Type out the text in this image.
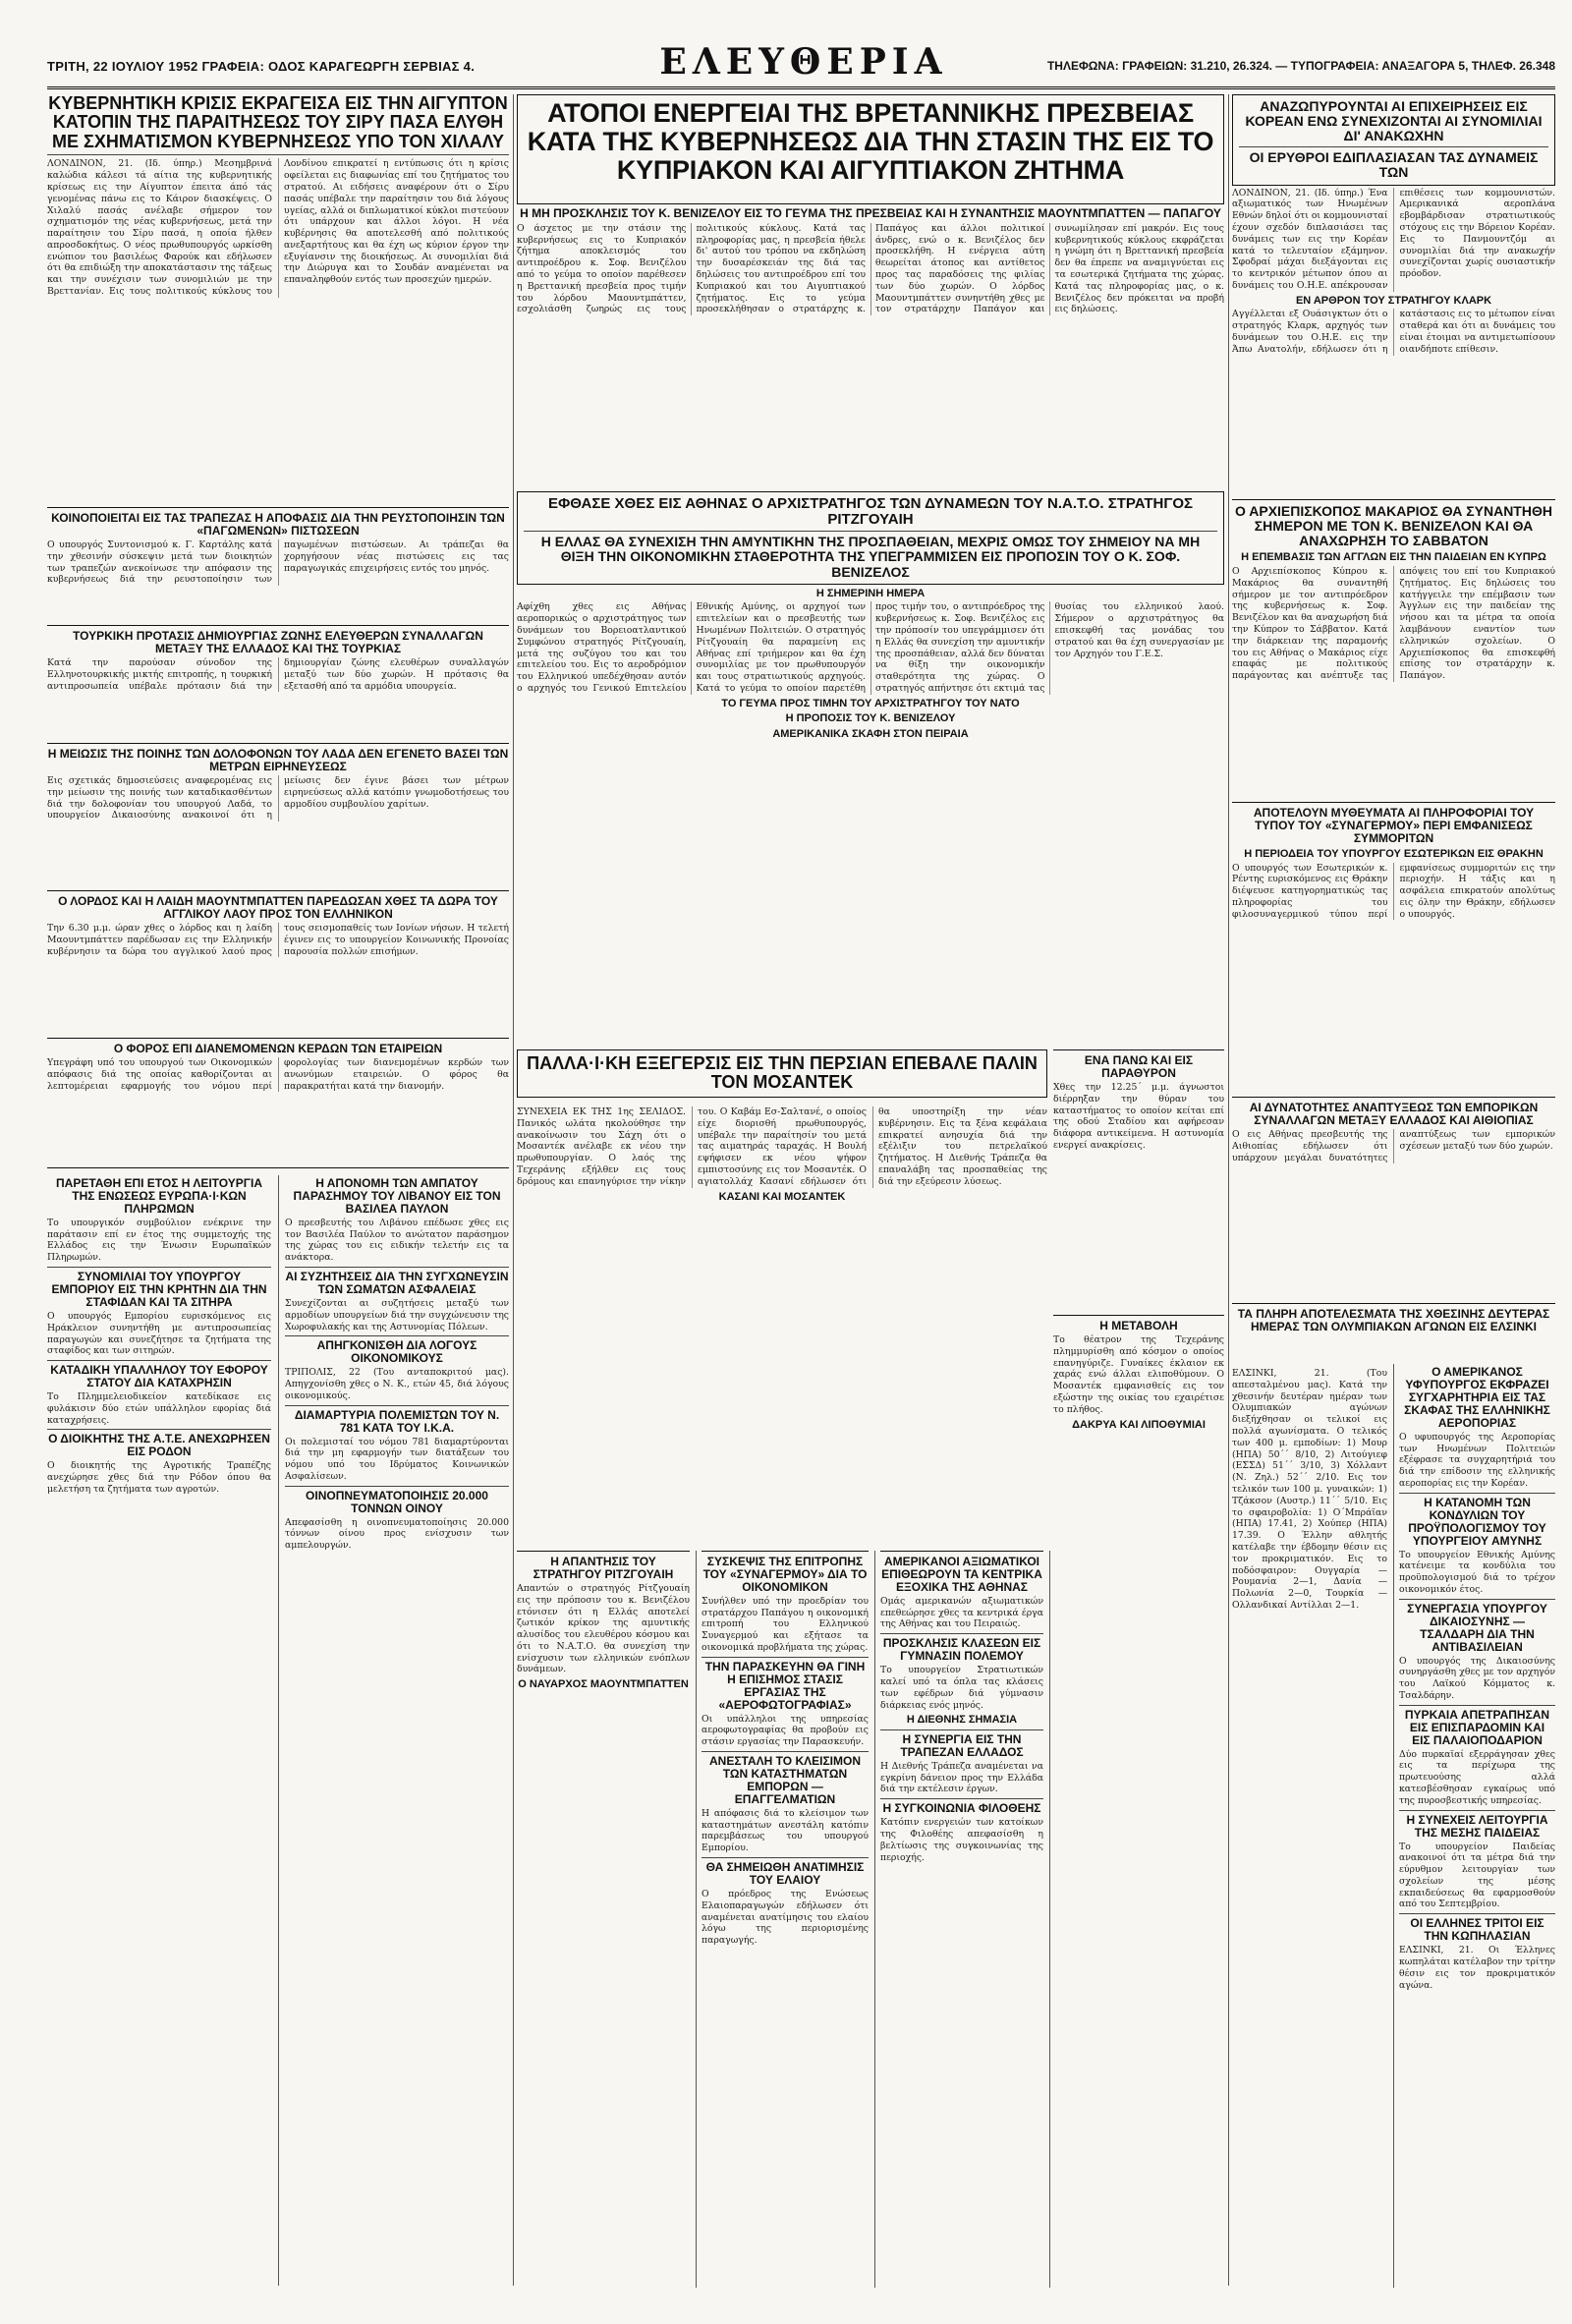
ΤΡΙΤΗ, 22 ΙΟΥΛΙΟΥ 1952 ΓΡΑΦΕΙΑ: ΟΔΟΣ ΚΑΡΑΓΕΩΡΓΗ ΣΕΡΒΙΑΣ 4.	ΕΛΕΥΘΕΡΙΑ	ΤΗΛΕΦΩΝΑ: ΓΡΑΦΕΙΩΝ: 31.210, 26.324. — ΤΥΠΟΓΡΑΦΕΙΑ: ΑΝΑΞΑΓΟΡΑ 5, ΤΗΛΕΦ. 26.348

ΚΥΒΕΡΝΗΤΙΚΗ ΚΡΙΣΙΣ ΕΚΡΑΓΕΙΣΑ ΕΙΣ ΤΗΝ ΑΙΓΥΠΤΟΝ ΚΑΤΟΠΙΝ ΤΗΣ ΠΑΡΑΙΤΗΣΕΩΣ ΤΟΥ ΣΙΡΥ ΠΑΣΑ ΕΛΥΘΗ ΜΕ ΣΧΗΜΑΤΙΣΜΟΝ ΚΥΒΕΡΝΗΣΕΩΣ ΥΠΟ ΤΟΝ ΧΙΛΑΛΥ

ΛΟΝΔΙΝΟΝ, 21. (Ιδ. ύπηρ.) Μεσημβρινά καλώδια κάλεσι τά αίτια της κυβερνητικής κρίσεως εις την Αίγυπτον έπειτα άπό τάς γενομένας πάνω εις το Κάιρον διασκέψεις. Ο Χιλαλύ πασάς ανέλαβε σήμερον τον σχηματισμόν της νέας κυβερνήσεως, μετά την παραίτησιν του Σίρυ πασά, η οποία ήλθεν απροσδοκήτως. Ο νέος πρωθυπουργός ωρκίσθη ενώπιον του βασιλέως Φαρούκ και εδήλωσεν ότι θα επιδιώξη την αποκατάστασιν της τάξεως και την συνέχισιν των συνομιλιών με την Βρεττανίαν. Εις τους πολιτικούς κύκλους του Λονδίνου επικρατεί η εντύπωσις ότι η κρίσις οφείλεται εις διαφωνίας επί του ζητήματος του στρατού. Αι ειδήσεις αναφέρουν ότι ο Σίρυ πασάς υπέβαλε την παραίτησιν του διά λόγους υγείας, αλλά οι διπλωματικοί κύκλοι πιστεύουν ότι υπάρχουν και άλλοι λόγοι. Η νέα κυβέρνησις θα αποτελεσθή από πολιτικούς ανεξαρτήτους και θα έχη ως κύριον έργον την εξυγίανσιν της διοικήσεως. Αι συνομιλίαι διά την Διώρυγα και το Σουδάν αναμένεται να επαναληφθούν εντός των προσεχών ημερών.

ΑΤΟΠΟΙ ΕΝΕΡΓΕΙΑΙ ΤΗΣ ΒΡΕΤΑΝΝΙΚΗΣ ΠΡΕΣΒΕΙΑΣ ΚΑΤΑ ΤΗΣ ΚΥΒΕΡΝΗΣΕΩΣ ΔΙΑ ΤΗΝ ΣΤΑΣΙΝ ΤΗΣ ΕΙΣ ΤΟ ΚΥΠΡΙΑΚΟΝ ΚΑΙ ΑΙΓΥΠΤΙΑΚΟΝ ΖΗΤΗΜΑ

Η ΜΗ ΠΡΟΣΚΛΗΣΙΣ ΤΟΥ Κ. ΒΕΝΙΖΕΛΟΥ ΕΙΣ ΤΟ ΓΕΥΜΑ ΤΗΣ ΠΡΕΣΒΕΙΑΣ ΚΑΙ Η ΣΥΝΑΝΤΗΣΙΣ ΜΑΟΥΝΤΜΠΑΤΤΕΝ — ΠΑΠΑΓΟΥ

Ο άσχετος με την στάσιν της κυβερνήσεως εις το Κυπριακόν ζήτημα αποκλεισμός του αντιπροέδρου κ. Σοφ. Βενιζέλου από το γεύμα το οποίον παρέθεσεν η Βρεττανική πρεσβεία προς τιμήν του λόρδου Μαουντμπάττεν, εσχολιάσθη ζωηρώς εις τους πολιτικούς κύκλους. Κατά τας πληροφορίας μας, η πρεσβεία ήθελε δι' αυτού του τρόπου να εκδηλώση την δυσαρέσκειάν της διά τας δηλώσεις του αντιπροέδρου επί του Κυπριακού και του Αιγυπτιακού ζητήματος. Εις το γεύμα προσεκλήθησαν ο στρατάρχης κ. Παπάγος και άλλοι πολιτικοί άνδρες, ενώ ο κ. Βενιζέλος δεν προσεκλήθη. Η ενέργεια αύτη θεωρείται άτοπος και αντίθετος προς τας παραδόσεις της φιλίας των δύο χωρών. Ο λόρδος Μαουντμπάττεν συνηντήθη χθες με τον στρατάρχην Παπάγον και συνωμίλησαν επί μακρόν. Εις τους κυβερνητικούς κύκλους εκφράζεται η γνώμη ότι η Βρεττανική πρεσβεία δεν θα έπρεπε να αναμιγνύεται εις τα εσωτερικά ζητήματα της χώρας. Κατά τας πληροφορίας μας, ο κ. Βενιζέλος δεν πρόκειται να προβή εις δηλώσεις.

ΑΝΑΖΩΠΥΡΟΥΝΤΑΙ ΑΙ ΕΠΙΧΕΙΡΗΣΕΙΣ ΕΙΣ ΚΟΡΕΑΝ ΕΝΩ ΣΥΝΕΧΙΖΟΝΤΑΙ ΑΙ ΣΥΝΟΜΙΛΙΑΙ ΔΙ' ΑΝΑΚΩΧΗΝ

ΟΙ ΕΡΥΘΡΟΙ ΕΔΙΠΛΑΣΙΑΣΑΝ ΤΑΣ ΔΥΝΑΜΕΙΣ ΤΩΝ

ΛΟΝΔΙΝΟΝ, 21. (Ιδ. ύπηρ.) Ένα αξιωματικός των Ηνωμένων Εθνών δηλοί ότι οι κομμουνισταί έχουν σχεδόν διπλασιάσει τας δυνάμεις των εις την Κορέαν κατά το τελευταίον εξάμηνον. Σφοδραί μάχαι διεξάγονται εις το κεντρικόν μέτωπον όπου αι δυνάμεις του Ο.Η.Ε. απέκρουσαν επιθέσεις των κομμουνιστών. Αμερικανικά αεροπλάνα εβομβάρδισαν στρατιωτικούς στόχους εις την Βόρειον Κορέαν. Εις το Πανμουντζόμ αι συνομιλίαι διά την ανακωχήν συνεχίζονται χωρίς ουσιαστικήν πρόοδον.

ΕΝ ΑΡΘΡΟΝ ΤΟΥ ΣΤΡΑΤΗΓΟΥ ΚΛΑΡΚ

Αγγέλλεται εξ Ουάσιγκτων ότι ο στρατηγός Κλαρκ, αρχηγός των δυνάμεων του Ο.Η.Ε. εις την Άπω Ανατολήν, εδήλωσεν ότι η κατάστασις εις το μέτωπον είναι σταθερά και ότι αι δυνάμεις του είναι έτοιμαι να αντιμετωπίσουν οιανδήποτε επίθεσιν.

Ο ΑΡΧΙΕΠΙΣΚΟΠΟΣ ΜΑΚΑΡΙΟΣ ΘΑ ΣΥΝΑΝΤΗΘΗ ΣΗΜΕΡΟΝ ΜΕ ΤΟΝ Κ. ΒΕΝΙΖΕΛΟΝ ΚΑΙ ΘΑ ΑΝΑΧΩΡΗΣΗ ΤΟ ΣΑΒΒΑΤΟΝ

Η ΕΠΕΜΒΑΣΙΣ ΤΩΝ ΑΓΓΛΩΝ ΕΙΣ ΤΗΝ ΠΑΙΔΕΙΑΝ ΕΝ ΚΥΠΡΩ

Ο Αρχιεπίσκοπος Κύπρου κ. Μακάριος θα συναντηθή σήμερον με τον αντιπρόεδρον της κυβερνήσεως κ. Σοφ. Βενιζέλον και θα αναχωρήση διά την Κύπρον το Σάββατον. Κατά την διάρκειαν της παραμονής του εις Αθήνας ο Μακάριος είχε επαφάς με πολιτικούς παράγοντας και ανέπτυξε τας απόψεις του επί του Κυπριακού ζητήματος. Εις δηλώσεις του κατήγγειλε την επέμβασιν των Άγγλων εις την παιδείαν της νήσου και τα μέτρα τα οποία λαμβάνουν εναντίον των ελληνικών σχολείων. Ο Αρχιεπίσκοπος θα επισκεφθή επίσης τον στρατάρχην κ. Παπάγον.

ΕΦΘΑΣΕ ΧΘΕΣ ΕΙΣ ΑΘΗΝΑΣ Ο ΑΡΧΙΣΤΡΑΤΗΓΟΣ ΤΩΝ ΔΥΝΑΜΕΩΝ ΤΟΥ Ν.Α.Τ.Ο. ΣΤΡΑΤΗΓΟΣ ΡΙΤΖΓΟΥΑΙΗ

Η ΕΛΛΑΣ ΘΑ ΣΥΝΕΧΙΣΗ ΤΗΝ ΑΜΥΝΤΙΚΗΝ ΤΗΣ ΠΡΟΣΠΑΘΕΙΑΝ, ΜΕΧΡΙΣ ΟΜΩΣ ΤΟΥ ΣΗΜΕΙΟΥ ΝΑ ΜΗ ΘΙΞΗ ΤΗΝ ΟΙΚΟΝΟΜΙΚΗΝ ΣΤΑΘΕΡΟΤΗΤΑ ΤΗΣ ΥΠΕΓΡΑΜΜΙΣΕΝ ΕΙΣ ΠΡΟΠΟΣΙΝ ΤΟΥ Ο Κ. ΣΟΦ. ΒΕΝΙΖΕΛΟΣ

Η ΣΗΜΕΡΙΝΗ ΗΜΕΡΑ

Αφίχθη χθες εις Αθήνας αεροπορικώς ο αρχιστράτηγος των δυνάμεων του Βορειοατλαντικού Συμφώνου στρατηγός Ρίτζγουαίη, μετά της συζύγου του και του επιτελείου του. Εις το αεροδρόμιον του Ελληνικού υπεδέχθησαν αυτόν ο αρχηγός του Γενικού Επιτελείου Εθνικής Αμύνης, οι αρχηγοί των επιτελείων και ο πρεσβευτής των Ηνωμένων Πολιτειών. Ο στρατηγός Ρίτζγουαίη θα παραμείνη εις Αθήνας επί τριήμερον και θα έχη συνομιλίας με τον πρωθυπουργόν και τους στρατιωτικούς αρχηγούς. Κατά το γεύμα το οποίον παρετέθη προς τιμήν του, ο αντιπρόεδρος της κυβερνήσεως κ. Σοφ. Βενιζέλος εις την πρόποσίν του υπεγράμμισεν ότι η Ελλάς θα συνεχίση την αμυντικήν της προσπάθειαν, αλλά δεν δύναται να θίξη την οικονομικήν σταθερότητα της χώρας. Ο στρατηγός απήντησε ότι εκτιμά τας θυσίας του ελληνικού λαού. Σήμερον ο αρχιστράτηγος θα επισκεφθή τας μονάδας του στρατού και θα έχη συνεργασίαν με τον Αρχηγόν του Γ.Ε.Σ.

ΤΟ ΓΕΥΜΑ ΠΡΟΣ ΤΙΜΗΝ ΤΟΥ ΑΡΧΙΣΤΡΑΤΗΓΟΥ ΤΟΥ ΝΑΤΟ

Η ΠΡΟΠΟΣΙΣ ΤΟΥ Κ. ΒΕΝΙΖΕΛΟΥ

ΑΜΕΡΙΚΑΝΙΚΑ ΣΚΑΦΗ ΣΤΟΝ ΠΕΙΡΑΙΑ

ΚΟΙΝΟΠΟΙΕΙΤΑΙ ΕΙΣ ΤΑΣ ΤΡΑΠΕΖΑΣ Η ΑΠΟΦΑΣΙΣ ΔΙΑ ΤΗΝ ΡΕΥΣΤΟΠΟΙΗΣΙΝ ΤΩΝ «ΠΑΓΩΜΕΝΩΝ» ΠΙΣΤΩΣΕΩΝ

Ο υπουργός Συντονισμού κ. Γ. Καρτάλης κατά την χθεσινήν σύσκεψιν μετά των διοικητών των τραπεζών ανεκοίνωσε την απόφασιν της κυβερνήσεως διά την ρευστοποίησιν των παγωμένων πιστώσεων. Αι τράπεζαι θα χορηγήσουν νέας πιστώσεις εις τας παραγωγικάς επιχειρήσεις εντός του μηνός.

ΤΟΥΡΚΙΚΗ ΠΡΟΤΑΣΙΣ ΔΗΜΙΟΥΡΓΙΑΣ ΖΩΝΗΣ ΕΛΕΥΘΕΡΩΝ ΣΥΝΑΛΛΑΓΩΝ ΜΕΤΑΞΥ ΤΗΣ ΕΛΛΑΔΟΣ ΚΑΙ ΤΗΣ ΤΟΥΡΚΙΑΣ

Κατά την παρούσαν σύνοδον της Ελληνοτουρκικής μικτής επιτροπής, η τουρκική αντιπροσωπεία υπέβαλε πρότασιν διά την δημιουργίαν ζώνης ελευθέρων συναλλαγών μεταξύ των δύο χωρών. Η πρότασις θα εξετασθή από τα αρμόδια υπουργεία.

Η ΜΕΙΩΣΙΣ ΤΗΣ ΠΟΙΝΗΣ ΤΩΝ ΔΟΛΟΦΟΝΩΝ ΤΟΥ ΛΑΔΑ ΔΕΝ ΕΓΕΝΕΤΟ ΒΑΣΕΙ ΤΩΝ ΜΕΤΡΩΝ ΕΙΡΗΝΕΥΣΕΩΣ

Εις σχετικάς δημοσιεύσεις αναφερομένας εις την μείωσιν της ποινής των καταδικασθέντων διά την δολοφονίαν του υπουργού Λαδά, το υπουργείον Δικαιοσύνης ανακοινοί ότι η μείωσις δεν έγινε βάσει των μέτρων ειρηνεύσεως αλλά κατόπιν γνωμοδοτήσεως του αρμοδίου συμβουλίου χαρίτων.

Ο ΛΟΡΔΟΣ ΚΑΙ Η ΛΑΙΔΗ ΜΑΟΥΝΤΜΠΑΤΤΕΝ ΠΑΡΕΔΩΣΑΝ ΧΘΕΣ ΤΑ ΔΩΡΑ ΤΟΥ ΑΓΓΛΙΚΟΥ ΛΑΟΥ ΠΡΟΣ ΤΟΝ ΕΛΛΗΝΙΚΟΝ

Την 6.30 μ.μ. ώραν χθες ο λόρδος και η λαίδη Μαουντμπάττεν παρέδωσαν εις την Ελληνικήν κυβέρνησιν τα δώρα του αγγλικού λαού προς τους σεισμοπαθείς των Ιονίων νήσων. Η τελετή έγινεν εις το υπουργείον Κοινωνικής Προνοίας παρουσία πολλών επισήμων.

Ο ΦΟΡΟΣ ΕΠΙ ΔΙΑΝΕΜΟΜΕΝΩΝ ΚΕΡΔΩΝ ΤΩΝ ΕΤΑΙΡΕΙΩΝ

Υπεγράφη υπό του υπουργού των Οικονομικών απόφασις διά της οποίας καθορίζονται αι λεπτομέρειαι εφαρμογής του νόμου περί φορολογίας των διανεμομένων κερδών των ανωνύμων εταιρειών. Ο φόρος θα παρακρατήται κατά την διανομήν.

ΠΑΡΕΤΑΘΗ ΕΠΙ ΕΤΟΣ Η ΛΕΙΤΟΥΡΓΙΑ ΤΗΣ ΕΝΩΣΕΩΣ ΕΥΡΩΠΑ·Ι·ΚΩΝ ΠΛΗΡΩΜΩΝ

Το υπουργικόν συμβούλιον ενέκρινε την παράτασιν επί εν έτος της συμμετοχής της Ελλάδος εις την Ένωσιν Ευρωπαϊκών Πληρωμών.

ΣΥΝΟΜΙΛΙΑΙ ΤΟΥ ΥΠΟΥΡΓΟΥ ΕΜΠΟΡΙΟΥ ΕΙΣ ΤΗΝ ΚΡΗΤΗΝ ΔΙΑ ΤΗΝ ΣΤΑΦΙΔΑΝ ΚΑΙ ΤΑ ΣΙΤΗΡΑ

Ο υπουργός Εμπορίου ευρισκόμενος εις Ηράκλειον συνηντήθη με αντιπροσωπείας παραγωγών και συνεζήτησε τα ζητήματα της σταφίδος και των σιτηρών.

ΚΑΤΑΔΙΚΗ ΥΠΑΛΛΗΛΟΥ ΤΟΥ ΕΦΟΡΟΥ ΣΤΑΤΟΥ ΔΙΑ ΚΑΤΑΧΡΗΣΙΝ

Το Πλημμελειοδικείον κατεδίκασε εις φυλάκισιν δύο ετών υπάλληλον εφορίας διά καταχρήσεις.

Ο ΔΙΟΙΚΗΤΗΣ ΤΗΣ Α.Τ.Ε. ΑΝΕΧΩΡΗΣΕΝ ΕΙΣ ΡΟΔΟΝ

Ο διοικητής της Αγροτικής Τραπέζης ανεχώρησε χθες διά την Ρόδον όπου θα μελετήση τα ζητήματα των αγροτών.

Η ΑΠΟΝΟΜΗ ΤΩΝ ΑΜΠΑΤΟΥ ΠΑΡΑΣΗΜΟΥ ΤΟΥ ΛΙΒΑΝΟΥ ΕΙΣ ΤΟΝ ΒΑΣΙΛΕΑ ΠΑΥΛΟΝ

Ο πρεσβευτής του Λιβάνου επέδωσε χθες εις τον Βασιλέα Παύλον το ανώτατον παράσημον της χώρας του εις ειδικήν τελετήν εις τα ανάκτορα.

ΑΙ ΣΥΖΗΤΗΣΕΙΣ ΔΙΑ ΤΗΝ ΣΥΓΧΩΝΕΥΣΙΝ ΤΩΝ ΣΩΜΑΤΩΝ ΑΣΦΑΛΕΙΑΣ

Συνεχίζονται αι συζητήσεις μεταξύ των αρμοδίων υπουργείων διά την συγχώνευσιν της Χωροφυλακής και της Αστυνομίας Πόλεων.

ΑΠΗΓΚΟΝΙΣΘΗ ΔΙΑ ΛΟΓΟΥΣ ΟΙΚΟΝΟΜΙΚΟΥΣ

ΤΡΙΠΟΛΙΣ, 22 (Του ανταποκριτού μας). Απηγχονίσθη χθες ο Ν. Κ., ετών 45, διά λόγους οικονομικούς.

ΔΙΑΜΑΡΤΥΡΙΑ ΠΟΛΕΜΙΣΤΩΝ ΤΟΥ Ν. 781 ΚΑΤΑ ΤΟΥ Ι.Κ.Α.

Οι πολεμισταί του νόμου 781 διαμαρτύρονται διά την μη εφαρμογήν των διατάξεων του νόμου υπό του Ιδρύματος Κοινωνικών Ασφαλίσεων.

ΟΙΝΟΠΝΕΥΜΑΤΟΠΟΙΗΣΙΣ 20.000 ΤΟΝΝΩΝ ΟΙΝΟΥ

Απεφασίσθη η οινοπνευματοποίησις 20.000 τόννων οίνου προς ενίσχυσιν των αμπελουργών.

ΠΑΛΛΑ·Ι·ΚΗ ΕΞΕΓΕΡΣΙΣ ΕΙΣ ΤΗΝ ΠΕΡΣΙΑΝ ΕΠΕΒΑΛΕ ΠΑΛΙΝ ΤΟΝ ΜΟΣΑΝΤΕΚ

ΣΥΝΕΧΕΙΑ ΕΚ ΤΗΣ 1ης ΣΕΛΙΔΟΣ. Πανικός ωλάτα ηκολούθησε την ανακοίνωσιν του Σάχη ότι ο Μοσαντέκ ανέλαβε εκ νέου την πρωθυπουργίαν. Ο λαός της Τεχεράνης εξήλθεν εις τους δρόμους και επανηγύρισε την νίκην του. Ο Καβάμ Εσ-Σαλτανέ, ο οποίος είχε διορισθή πρωθυπουργός, υπέβαλε την παραίτησίν του μετά τας αιματηράς ταραχάς. Η Βουλή εψήφισεν εκ νέου ψήφον εμπιστοσύνης εις τον Μοσαντέκ. Ο αγιατολλάχ Κασανί εδήλωσεν ότι θα υποστηρίξη την νέαν κυβέρνησιν. Εις τα ξένα κεφάλαια επικρατεί ανησυχία διά την εξέλιξιν του πετρελαϊκού ζητήματος. Η Διεθνής Τράπεζα θα επαναλάβη τας προσπαθείας της διά την εξεύρεσιν λύσεως.

ΚΑΣΑΝΙ ΚΑΙ ΜΟΣΑΝΤΕΚ

ΕΝΑ ΠΑΝΩ ΚΑΙ ΕΙΣ ΠΑΡΑΘΥΡΟΝ

Χθες την 12.25΄ μ.μ. άγνωστοι διέρρηξαν την θύραν του καταστήματος το οποίον κείται επί της οδού Σταδίου και αφήρεσαν διάφορα αντικείμενα. Η αστυνομία ενεργεί ανακρίσεις.

Η ΜΕΤΑΒΟΛΗ

Το θέατρον της Τεχεράνης πλημμυρίσθη από κόσμον ο οποίος επανηγύριζε. Γυναίκες έκλαιον εκ χαράς ενώ άλλαι ελιποθύμουν. Ο Μοσαντέκ εμφανισθείς εις τον εξώστην της οικίας του εχαιρέτισε το πλήθος.

ΔΑΚΡΥΑ ΚΑΙ ΛΙΠΟΘΥΜΙΑΙ

Η ΑΠΑΝΤΗΣΙΣ ΤΟΥ ΣΤΡΑΤΗΓΟΥ ΡΙΤΖΓΟΥΑΙΗ

Απαντών ο στρατηγός Ρίτζγουαίη εις την πρόποσιν του κ. Βενιζέλου ετόνισεν ότι η Ελλάς αποτελεί ζωτικόν κρίκον της αμυντικής αλυσίδος του ελευθέρου κόσμου και ότι το Ν.Α.Τ.Ο. θα συνεχίση την ενίσχυσιν των ελληνικών ενόπλων δυνάμεων.

Ο ΝΑΥΑΡΧΟΣ ΜΑΟΥΝΤΜΠΑΤΤΕΝ

ΣΥΣΚΕΨΙΣ ΤΗΣ ΕΠΙΤΡΟΠΗΣ ΤΟΥ «ΣΥΝΑΓΕΡΜΟΥ» ΔΙΑ ΤΟ ΟΙΚΟΝΟΜΙΚΟΝ

Συνήλθεν υπό την προεδρίαν του στρατάρχου Παπάγου η οικονομική επιτροπή του Ελληνικού Συναγερμού και εξήτασε τα οικονομικά προβλήματα της χώρας.

ΤΗΝ ΠΑΡΑΣΚΕΥΗΝ ΘΑ ΓΙΝΗ Η ΕΠΙΣΗΜΟΣ ΣΤΑΣΙΣ ΕΡΓΑΣΙΑΣ ΤΗΣ «ΑΕΡΟΦΩΤΟΓΡΑΦΙΑΣ»

Οι υπάλληλοι της υπηρεσίας αεροφωτογραφίας θα προβούν εις στάσιν εργασίας την Παρασκευήν.

ΑΝΕΣΤΑΛΗ ΤΟ ΚΛΕΙΣΙΜΟΝ ΤΩΝ ΚΑΤΑΣΤΗΜΑΤΩΝ ΕΜΠΟΡΩΝ — ΕΠΑΓΓΕΛΜΑΤΙΩΝ

Η απόφασις διά το κλείσιμον των καταστημάτων ανεστάλη κατόπιν παρεμβάσεως του υπουργού Εμπορίου.

ΘΑ ΣΗΜΕΙΩΘΗ ΑΝΑΤΙΜΗΣΙΣ ΤΟΥ ΕΛΑΙΟΥ

Ο πρόεδρος της Ενώσεως Ελαιοπαραγωγών εδήλωσεν ότι αναμένεται ανατίμησις του ελαίου λόγω της περιορισμένης παραγωγής.

ΑΜΕΡΙΚΑΝΟΙ ΑΞΙΩΜΑΤΙΚΟΙ ΕΠΙΘΕΩΡΟΥΝ ΤΑ ΚΕΝΤΡΙΚΑ ΕΞΟΧΙΚΑ ΤΗΣ ΑΘΗΝΑΣ

Ομάς αμερικανών αξιωματικών επεθεώρησε χθες τα κεντρικά έργα της Αθήνας και του Πειραιώς.

ΠΡΟΣΚΛΗΣΙΣ ΚΛΑΣΕΩΝ ΕΙΣ ΓΥΜΝΑΣΙΝ ΠΟΛΕΜΟΥ

Το υπουργείον Στρατιωτικών καλεί υπό τα όπλα τας κλάσεις των εφέδρων διά γύμνασιν διάρκειας ενός μηνός.

Η ΔΙΕΘΝΗΣ ΣΗΜΑΣΙΑ

Η ΣΥΝΕΡΓΙΑ ΕΙΣ ΤΗΝ ΤΡΑΠΕΖΑΝ ΕΛΛΑΔΟΣ

Η Διεθνής Τράπεζα αναμένεται να εγκρίνη δάνειον προς την Ελλάδα διά την εκτέλεσιν έργων.

Η ΣΥΓΚΟΙΝΩΝΙΑ ΦΙΛΟΘΕΗΣ

Κατόπιν ενεργειών των κατοίκων της Φιλοθέης απεφασίσθη η βελτίωσις της συγκοινωνίας της περιοχής.

ΑΠΟΤΕΛΟΥΝ ΜΥΘΕΥΜΑΤΑ ΑΙ ΠΛΗΡΟΦΟΡΙΑΙ ΤΟΥ ΤΥΠΟΥ ΤΟΥ «ΣΥΝΑΓΕΡΜΟΥ» ΠΕΡΙ ΕΜΦΑΝΙΣΕΩΣ ΣΥΜΜΟΡΙΤΩΝ

Η ΠΕΡΙΟΔΕΙΑ ΤΟΥ ΥΠΟΥΡΓΟΥ ΕΣΩΤΕΡΙΚΩΝ ΕΙΣ ΘΡΑΚΗΝ

Ο υπουργός των Εσωτερικών κ. Ρέντης ευρισκόμενος εις Θράκην διέψευσε κατηγορηματικώς τας πληροφορίας του φιλοσυναγερμικού τύπου περί εμφανίσεως συμμοριτών εις την περιοχήν. Η τάξις και η ασφάλεια επικρατούν απολύτως εις όλην την Θράκην, εδήλωσεν ο υπουργός.

ΑΙ ΔΥΝΑΤΟΤΗΤΕΣ ΑΝΑΠΤΥΞΕΩΣ ΤΩΝ ΕΜΠΟΡΙΚΩΝ ΣΥΝΑΛΛΑΓΩΝ ΜΕΤΑΞΥ ΕΛΛΑΔΟΣ ΚΑΙ ΑΙΘΙΟΠΙΑΣ

Ο εις Αθήνας πρεσβευτής της Αιθιοπίας εδήλωσεν ότι υπάρχουν μεγάλαι δυνατότητες αναπτύξεως των εμπορικών σχέσεων μεταξύ των δύο χωρών.

ΤΑ ΠΛΗΡΗ ΑΠΟΤΕΛΕΣΜΑΤΑ ΤΗΣ ΧΘΕΣΙΝΗΣ ΔΕΥΤΕΡΑΣ ΗΜΕΡΑΣ ΤΩΝ ΟΛΥΜΠΙΑΚΩΝ ΑΓΩΝΩΝ ΕΙΣ ΕΛΣΙΝΚΙ

ΕΛΣΙΝΚΙ, 21. (Του απεσταλμένου μας). Κατά την χθεσινήν δευτέραν ημέραν των Ολυμπιακών αγώνων διεξήχθησαν οι τελικοί εις πολλά αγωνίσματα. Ο τελικός των 400 μ. εμποδίων: 1) Μουρ (ΗΠΑ) 50΄΄ 8/10, 2) Λιτούγιεφ (ΕΣΣΔ) 51΄΄ 3/10, 3) Χόλλαντ (Ν. Ζηλ.) 52΄΄ 2/10. Εις τον τελικόν των 100 μ. γυναικών: 1) Τζάκσον (Αυστρ.) 11΄΄ 5/10. Εις το σφαιροβολία: 1) Ο΄Μπράϊαν (ΗΠΑ) 17.41, 2) Χούπερ (ΗΠΑ) 17.39. Ο Έλλην αθλητής κατέλαβε την έβδομην θέσιν εις τον προκριματικόν. Εις το ποδόσφαιρον: Ουγγαρία — Ρουμανία 2—1, Δανία — Πολωνία 2—0, Τουρκία — Ολλανδικαί Αντίλλαι 2—1.

Ο ΑΜΕΡΙΚΑΝΟΣ ΥΦΥΠΟΥΡΓΟΣ ΕΚΦΡΑΖΕΙ ΣΥΓΧΑΡΗΤΗΡΙΑ ΕΙΣ ΤΑΣ ΣΚΑΦΑΣ ΤΗΣ ΕΛΛΗΝΙΚΗΣ ΑΕΡΟΠΟΡΙΑΣ

Ο υφυπουργός της Αεροπορίας των Ηνωμένων Πολιτειών εξέφρασε τα συγχαρητήριά του διά την επίδοσιν της ελληνικής αεροπορίας εις την Κορέαν.

Η ΚΑΤΑΝΟΜΗ ΤΩΝ ΚΟΝΔΥΛΙΩΝ ΤΟΥ ΠΡΟΫΠΟΛΟΓΙΣΜΟΥ ΤΟΥ ΥΠΟΥΡΓΕΙΟΥ ΑΜΥΝΗΣ

Το υπουργείον Εθνικής Αμύνης κατένειμε τα κονδύλια του προϋπολογισμού διά το τρέχον οικονομικόν έτος.

ΣΥΝΕΡΓΑΣΙΑ ΥΠΟΥΡΓΟΥ ΔΙΚΑΙΟΣΥΝΗΣ — ΤΣΑΛΔΑΡΗ ΔΙΑ ΤΗΝ ΑΝΤΙΒΑΣΙΛΕΙΑΝ

Ο υπουργός της Δικαιοσύνης συνηργάσθη χθες με τον αρχηγόν του Λαϊκού Κόμματος κ. Τσαλδάρην.

ΠΥΡΚΑΙΑ ΑΠΕΤΡΑΠΗΣΑΝ ΕΙΣ ΕΠΙΣΠΑΡΔΟΜΙΝ ΚΑΙ ΕΙΣ ΠΑΛΑΙΟΠΟΔΑΡΙΟΝ

Δύο πυρκαϊαί εξερράγησαν χθες εις τα περίχωρα της πρωτευούσης αλλά κατεσβέσθησαν εγκαίρως υπό της πυροσβεστικής υπηρεσίας.

Η ΣΥΝΕΧΕΙΣ ΛΕΙΤΟΥΡΓΙΑ ΤΗΣ ΜΕΣΗΣ ΠΑΙΔΕΙΑΣ

Το υπουργείον Παιδείας ανακοινοί ότι τα μέτρα διά την εύρυθμον λειτουργίαν των σχολείων της μέσης εκπαιδεύσεως θα εφαρμοσθούν από του Σεπτεμβρίου.

ΟΙ ΕΛΛΗΝΕΣ ΤΡΙΤΟΙ ΕΙΣ ΤΗΝ ΚΩΠΗΛΑΣΙΑΝ

ΕΛΣΙΝΚΙ, 21. Οι Έλληνες κωπηλάται κατέλαβον την τρίτην θέσιν εις τον προκριματικόν αγώνα.
